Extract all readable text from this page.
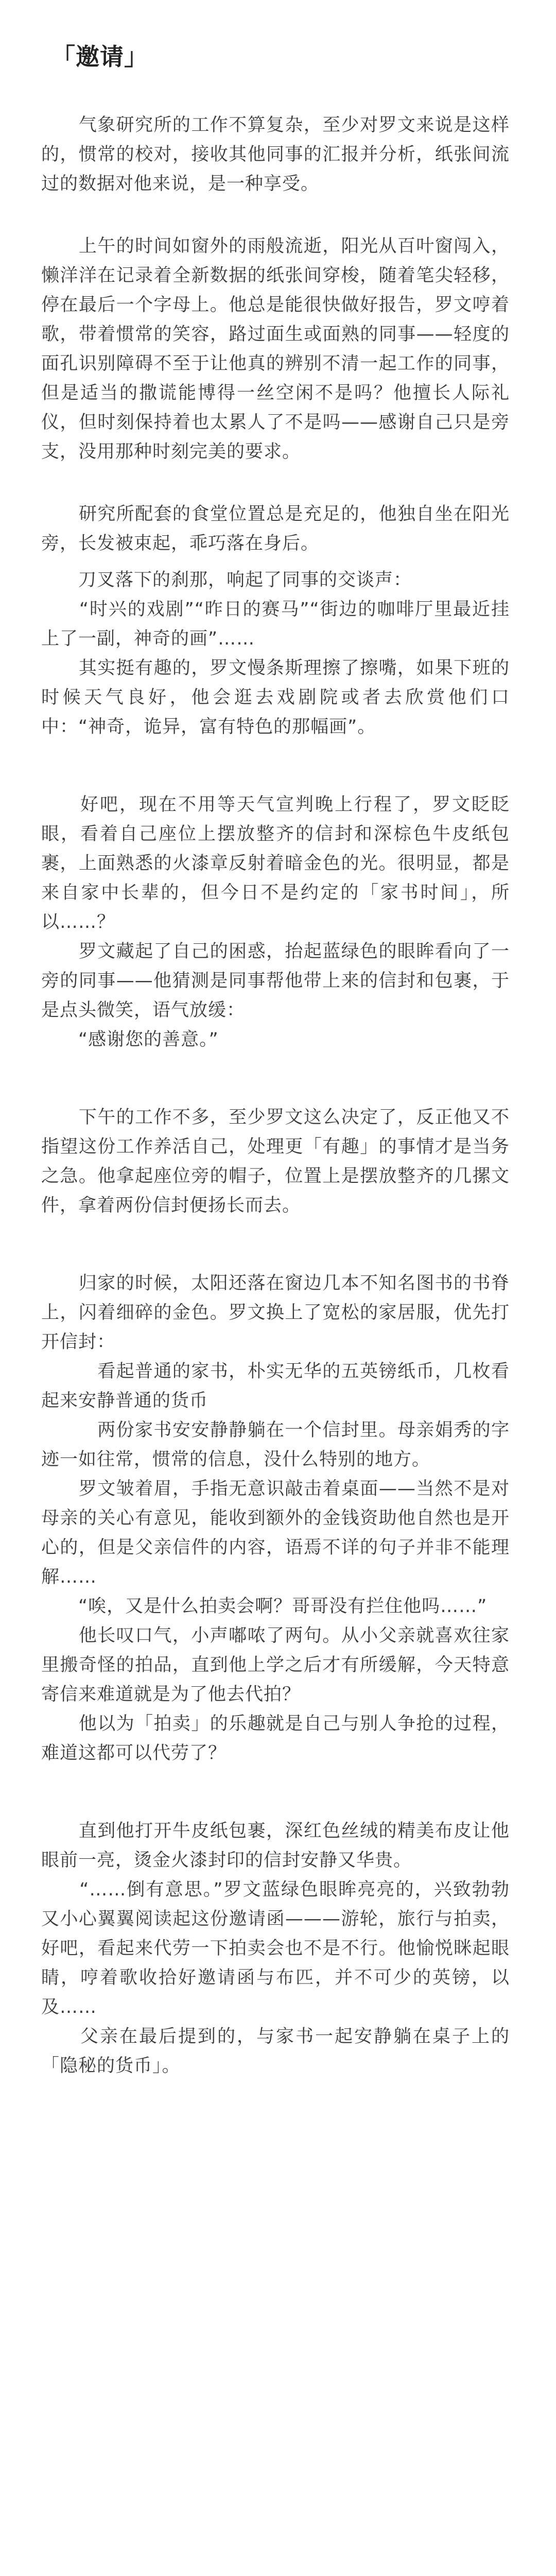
「邀请」

　　气象研究所的工作不算复杂，至少对罗文来说是这样的，惯常的校对，接收其他同事的汇报并分析，纸张间流过的数据对他来说，是一种享受。

　　上午的时间如窗外的雨般流逝，阳光从百叶窗闯入，懒洋洋在记录着全新数据的纸张间穿梭，随着笔尖轻移，停在最后一个字母上。他总是能很快做好报告，罗文哼着歌，带着惯常的笑容，路过面生或面熟的同事——轻度的面孔识别障碍不至于让他真的辨别不清一起工作的同事，但是适当的撒谎能博得一丝空闲不是吗？他擅长人际礼仪，但时刻保持着也太累人了不是吗——感谢自己只是旁支，没用那种时刻完美的要求。

　　研究所配套的食堂位置总是充足的，他独自坐在阳光旁，长发被束起，乖巧落在身后。

　　刀叉落下的刹那，响起了同事的交谈声：

　　“时兴的戏剧”“昨日的赛马”“街边的咖啡厅里最近挂上了一副，神奇的画”……

　　其实挺有趣的，罗文慢条斯理擦了擦嘴，如果下班的时候天气良好，他会逛去戏剧院或者去欣赏他们口中：“神奇，诡异，富有特色的那幅画”。

　　好吧，现在不用等天气宣判晚上行程了，罗文眨眨眼，看着自己座位上摆放整齐的信封和深棕色牛皮纸包裹，上面熟悉的火漆章反射着暗金色的光。很明显，都是来自家中长辈的，但今日不是约定的「家书时间」，所以……？

　　罗文藏起了自己的困惑，抬起蓝绿色的眼眸看向了一旁的同事——他猜测是同事帮他带上来的信封和包裹，于是点头微笑，语气放缓：

　　“感谢您的善意。”

　　下午的工作不多，至少罗文这么决定了，反正他又不指望这份工作养活自己，处理更「有趣」的事情才是当务之急。他拿起座位旁的帽子，位置上是摆放整齐的几摞文件，拿着两份信封便扬长而去。

　　归家的时候，太阳还落在窗边几本不知名图书的书脊上，闪着细碎的金色。罗文换上了宽松的家居服，优先打开信封：

　　　看起普通的家书，朴实无华的五英镑纸币，几枚看起来安静普通的货币

　　　两份家书安安静静躺在一个信封里。母亲娟秀的字迹一如往常，惯常的信息，没什么特别的地方。

　　罗文皱着眉，手指无意识敲击着桌面——当然不是对母亲的关心有意见，能收到额外的金钱资助他自然也是开心的，但是父亲信件的内容，语焉不详的句子并非不能理解……

　　“唉，又是什么拍卖会啊？哥哥没有拦住他吗……”

　　他长叹口气，小声嘟哝了两句。从小父亲就喜欢往家里搬奇怪的拍品，直到他上学之后才有所缓解，今天特意寄信来难道就是为了他去代拍？

　　他以为「拍卖」的乐趣就是自己与别人争抢的过程，难道这都可以代劳了？

　　直到他打开牛皮纸包裹，深红色丝绒的精美布皮让他眼前一亮，烫金火漆封印的信封安静又华贵。

　　“……倒有意思。”罗文蓝绿色眼眸亮亮的，兴致勃勃又小心翼翼阅读起这份邀请函———游轮，旅行与拍卖，好吧，看起来代劳一下拍卖会也不是不行。他愉悦眯起眼睛，哼着歌收拾好邀请函与布匹，并不可少的英镑，以及……

　　父亲在最后提到的，与家书一起安静躺在桌子上的「隐秘的货币」。
